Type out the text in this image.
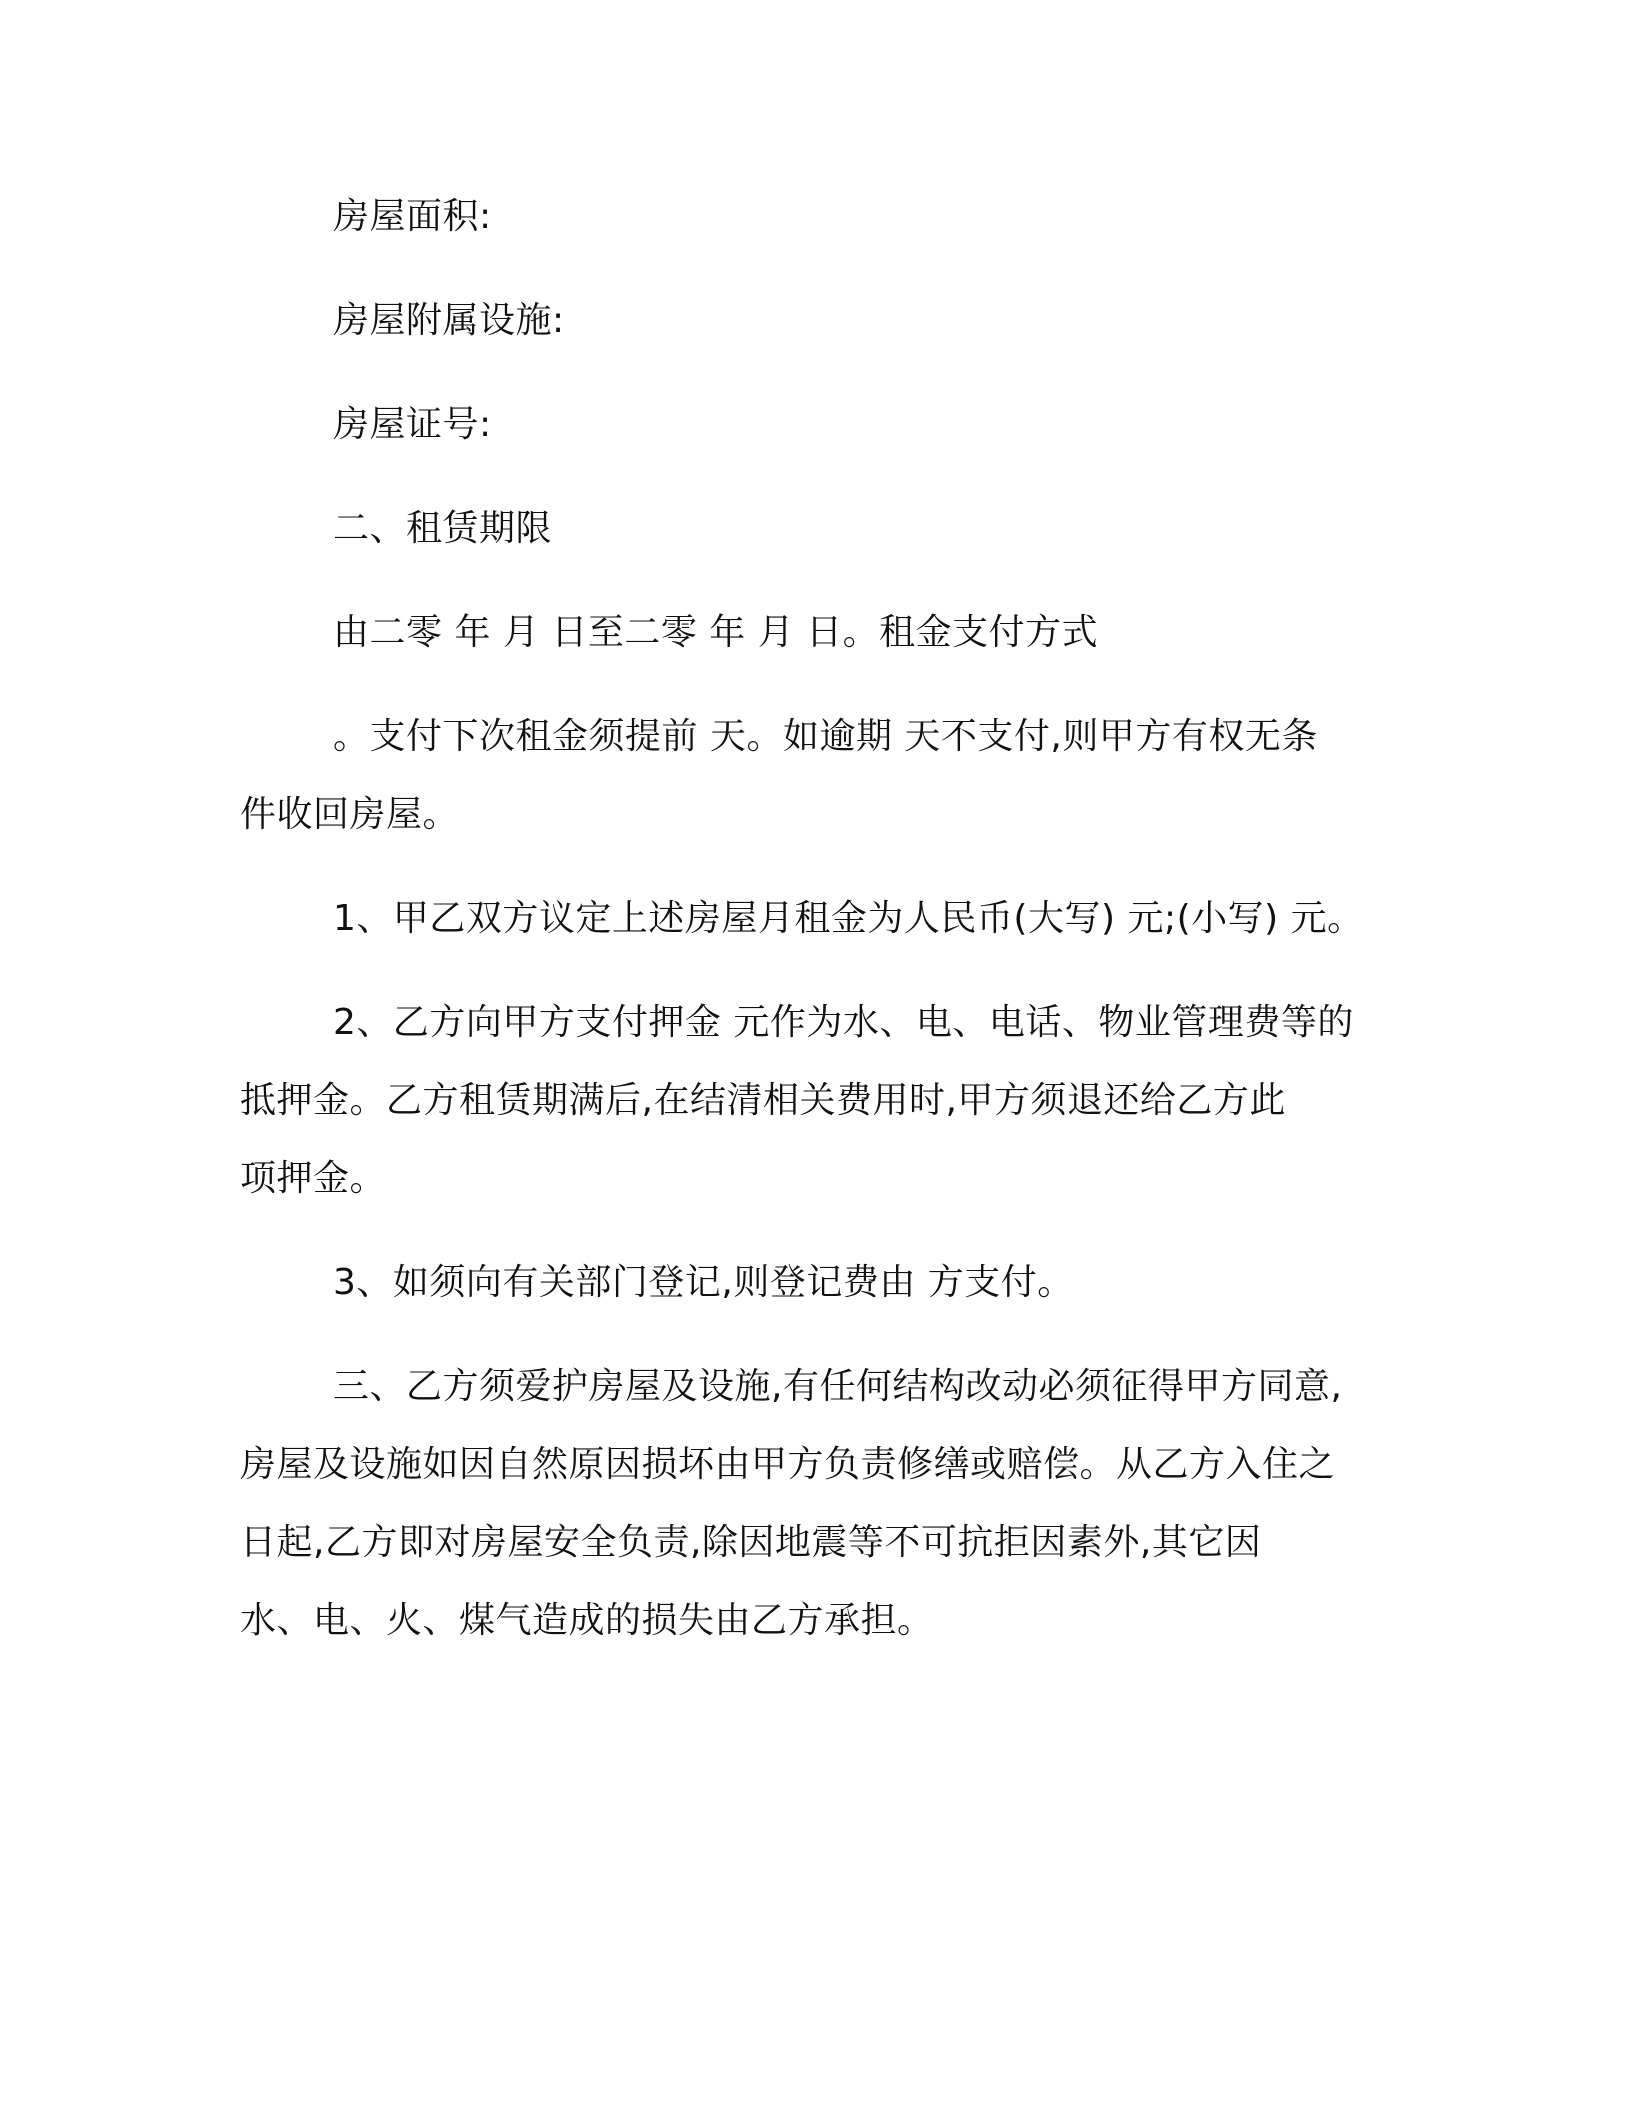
房屋面积:
房屋附属设施:
房屋证号:
二、租赁期限
由二零 年 月 日至二零 年 月 日。租金支付方式
。支付下次租金须提前 天。如逾期 天不支付,则甲方有权无条
件收回房屋。
1、甲乙双方议定上述房屋月租金为人民币(大写) 元;(小写) 元。
2、乙方向甲方支付押金 元作为水、电、电话、物业管理费等的
抵押金。乙方租赁期满后,在结清相关费用时,甲方须退还给乙方此
项押金。
3、如须向有关部门登记,则登记费由 方支付。
三、乙方须爱护房屋及设施,有任何结构改动必须征得甲方同意,
房屋及设施如因自然原因损坏由甲方负责修缮或赔偿。从乙方入住之
日起,乙方即对房屋安全负责,除因地震等不可抗拒因素外,其它因
水、电、火、煤气造成的损失由乙方承担。
